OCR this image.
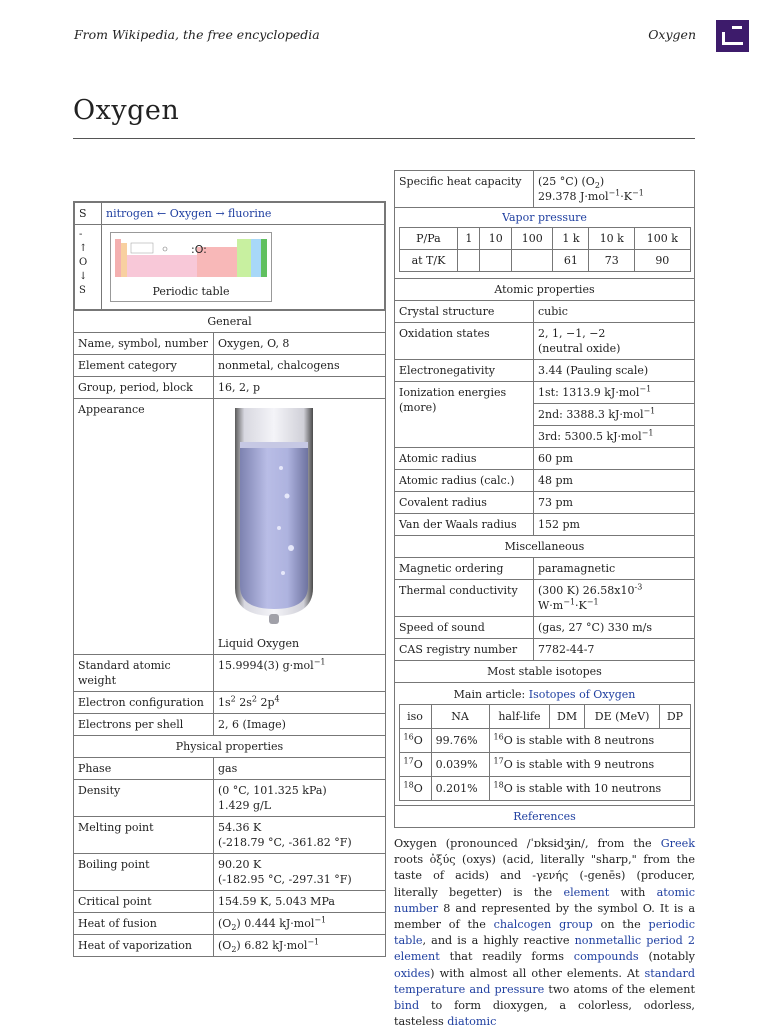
From Wikipedia, the free encyclopedia	Oxygen
Oxygen
S	nitrogen ← Oxygen → fluorine
-
↑
O
↓
S	
:O:
Periodic table

General
Name, symbol, number	Oxygen, O, 8
Element category	nonmetal, chalcogens
Group, period, block	16, 2, p
Appearance	
Liquid Oxygen

Standard atomic weight	15.9994(3) g·mol$^{-1}$
Electron configuration	$1s^2$ $2s^2$ $2p^4$
Electrons per shell	2, 6 (Image)
Physical properties
Phase	gas
Density	(0 °C, 101.325 kPa)
1.429 g/L

Melting point	54.36 K
(-218.79 °C, -361.82 °F)

Boiling point	90.20 K
(-182.95 °C, -297.31 °F)

Critical point	154.59 K, 5.043 MPa
Heat of fusion	$(O_2)$ 0.444 kJ·mol$^{-1}$
Heat of vaporization	$(O_2)$ 6.82 kJ·mol$^{-1}$
Specific heat capacity	(25 °C) $(O_2)$
29.378 $J\cdot mol^{-1}\cdot K^{-1}$

Vapor pressure
P/Pa	1	10	100	1 k	10 k	100 k
at T/K				61	73	90

Atomic properties
Crystal structure	cubic
Oxidation states	2, 1, −1, −2
(neutral oxide)

Electronegativity	3.44 (Pauling scale)

Ionization energies
(more)
	1st: 1313.9 kJ·mol$^{-1}$
2nd: 3388.3 kJ·mol$^{-1}$
3rd: 5300.5 kJ·mol$^{-1}$
Atomic radius	60 pm
Atomic radius (calc.)	48 pm
Covalent radius	73 pm
Van der Waals radius	152 pm
Miscellaneous
Magnetic ordering	paramagnetic
Thermal conductivity	(300 K) $26.58x10^{-3}$ $W\cdot m^{-1}\cdot K^{-1}$
Speed of sound	(gas, 27 °C) 330 m/s
CAS registry number	7782-44-7
Most stable isotopes

Main article: Isotopes of Oxygen
iso	NA	half-life	DM	DE (MeV)	DP
$^{16}$O	99.76%	$^{16}$O is stable with 8 neutrons
$^{17}$O	0.039%	$^{17}$O is stable with 9 neutrons
$^{18}$O	0.201%	$^{18}$O is stable with 10 neutrons

References
Oxygen (pronounced /ˈɒksɨdʒɨn/, from the Greek roots ὀξύς (oxys) (acid, literally "sharp," from the taste of acids) and -γενής (-genēs) (producer, literally begetter) is the element with atomic number 8 and represented by the symbol O. It is a member of the chalcogen group on the periodic table, and is a highly reactive nonmetallic period 2 element that readily forms compounds (notably oxides) with almost all other elements. At standard temperature and pressure two atoms of the element bind to form dioxygen, a colorless, odorless, tasteless diatomic
